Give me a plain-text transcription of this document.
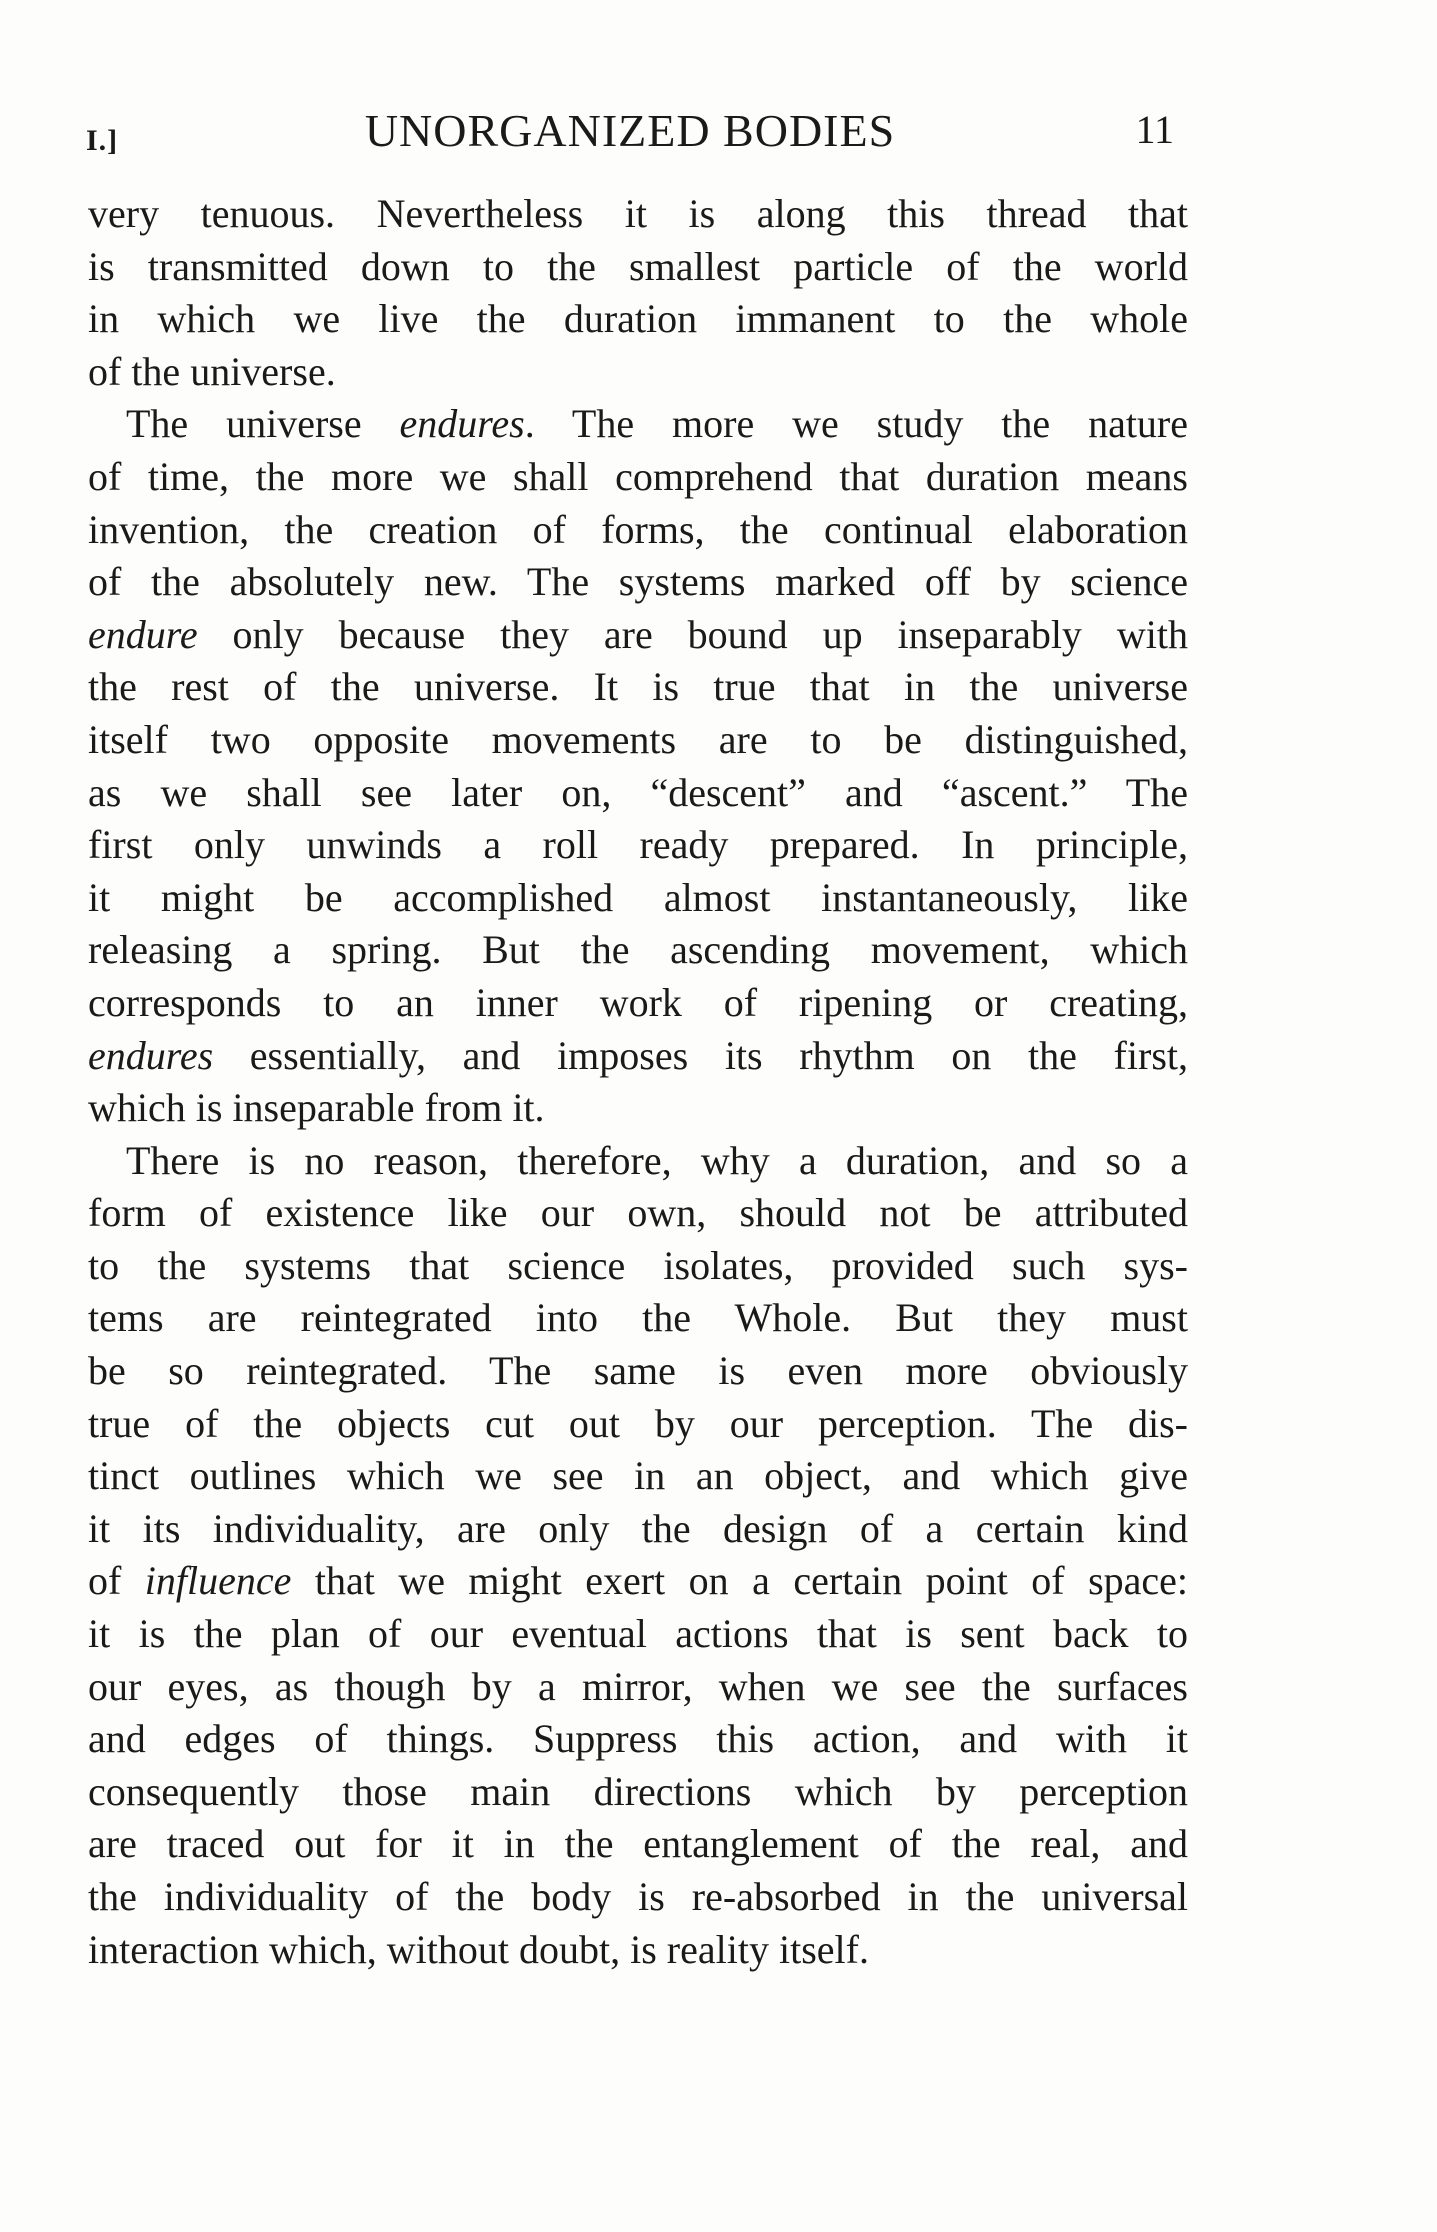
I.]	UNORGANIZED BODIES	11
very tenuous. Nevertheless it is along this thread that
is transmitted down to the smallest particle of the world
in which we live the duration immanent to the whole
of the universe.
The universe endures. The more we study the nature
of time, the more we shall comprehend that duration means
invention, the creation of forms, the continual elaboration
of the absolutely new. The systems marked off by science
endure only because they are bound up inseparably with
the rest of the universe. It is true that in the universe
itself two opposite movements are to be distinguished,
as we shall see later on, “descent” and “ascent.” The
first only unwinds a roll ready prepared. In principle,
it might be accomplished almost instantaneously, like
releasing a spring. But the ascending movement, which
corresponds to an inner work of ripening or creating,
endures essentially, and imposes its rhythm on the first,
which is inseparable from it.
There is no reason, therefore, why a duration, and so a
form of existence like our own, should not be attributed
to the systems that science isolates, provided such sys-
tems are reintegrated into the Whole. But they must
be so reintegrated. The same is even more obviously
true of the objects cut out by our perception. The dis-
tinct outlines which we see in an object, and which give
it its individuality, are only the design of a certain kind
of influence that we might exert on a certain point of space:
it is the plan of our eventual actions that is sent back to
our eyes, as though by a mirror, when we see the surfaces
and edges of things. Suppress this action, and with it
consequently those main directions which by perception
are traced out for it in the entanglement of the real, and
the individuality of the body is re-absorbed in the universal
interaction which, without doubt, is reality itself.
